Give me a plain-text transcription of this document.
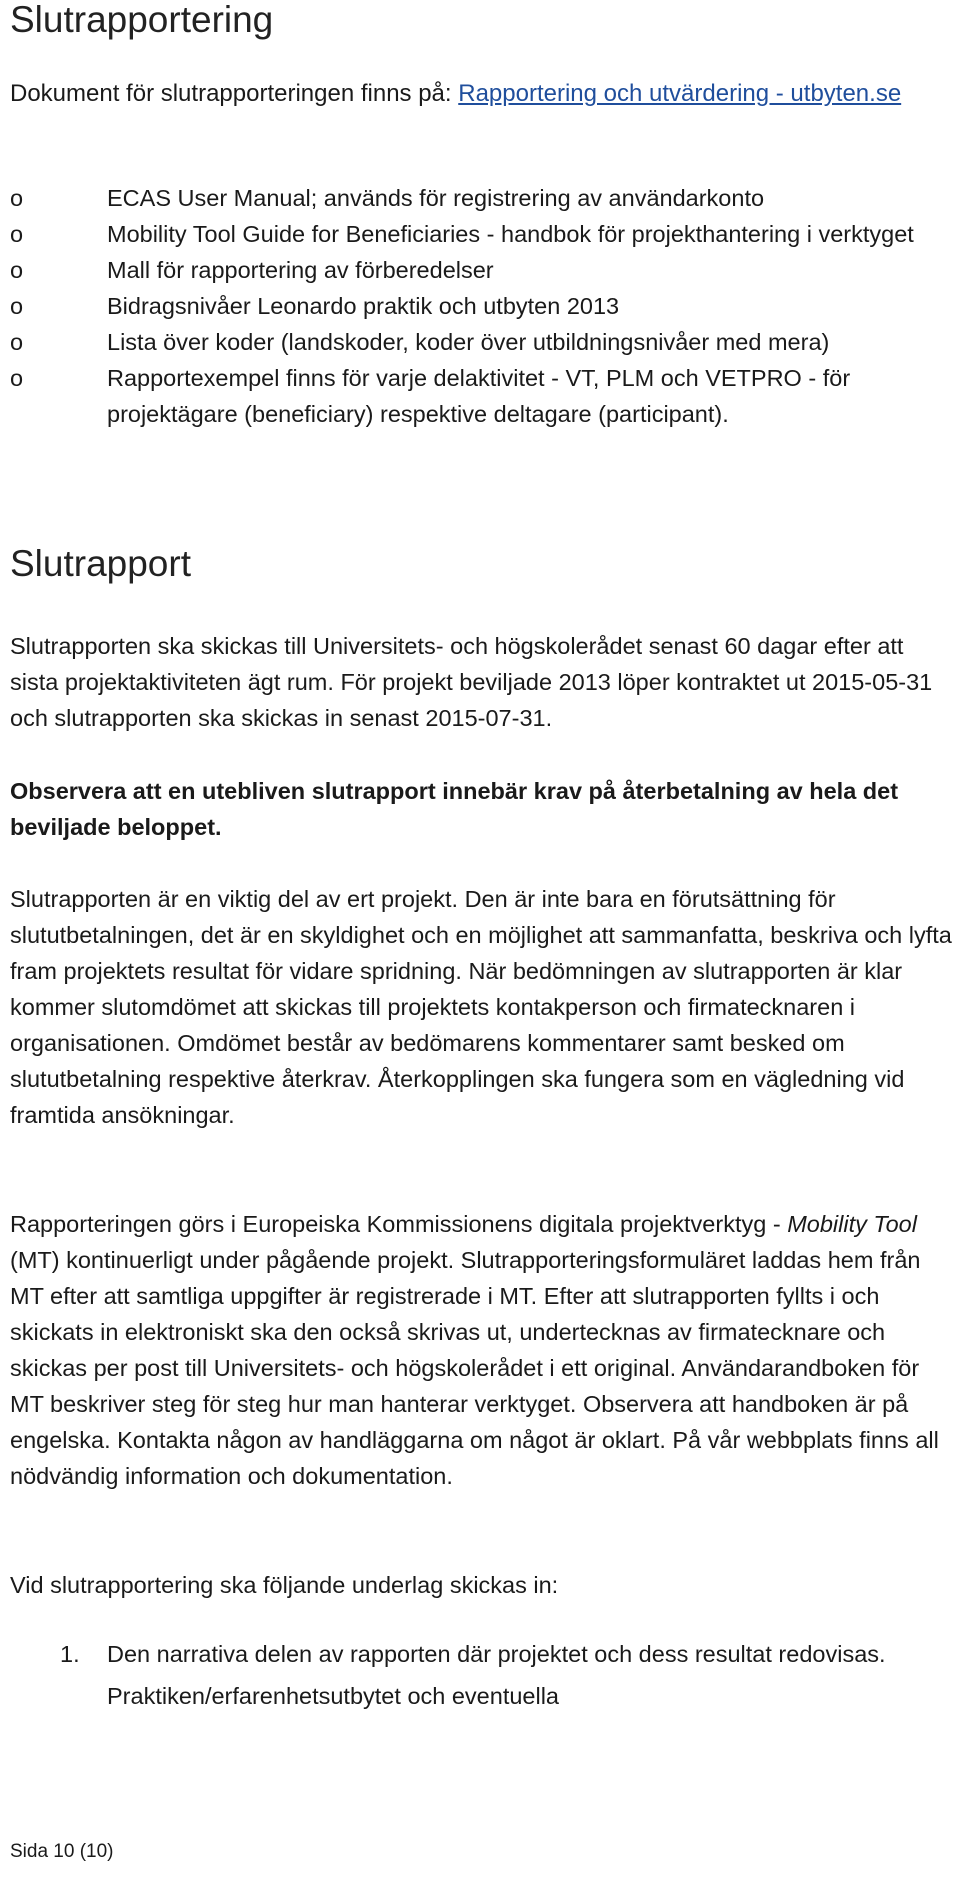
Slutrapportering
Dokument för slutrapporteringen finns på: Rapportering och utvärdering - utbyten.se
o	ECAS User Manual; används för registrering av användarkonto
o	Mobility Tool Guide for Beneficiaries - handbok för projekthantering i verktyget
o	Mall för rapportering av förberedelser
o	Bidragsnivåer Leonardo praktik och utbyten 2013
o	Lista över koder (landskoder, koder över utbildningsnivåer med mera)
o	Rapportexempel finns för varje delaktivitet - VT, PLM och VETPRO - för projektägare (beneficiary) respektive deltagare (participant).
Slutrapport

Slutrapporten ska skickas till Universitets- och högskolerådet senast 60 dagar efter att sista projektaktiviteten ägt rum. För projekt beviljade 2013 löper kontraktet ut 2015-05-31 och slutrapporten ska skickas in senast 2015-07-31.

Observera att en utebliven slutrapport innebär krav på återbetalning av hela det beviljade beloppet.

Slutrapporten är en viktig del av ert projekt. Den är inte bara en förutsättning för slututbetalningen, det är en skyldighet och en möjlighet att sammanfatta, beskriva och lyfta fram projektets resultat för vidare spridning. När bedömningen av slutrapporten är klar kommer slutomdömet att skickas till projektets kontakperson och firmatecknaren i organisationen. Omdömet består av bedömarens kommentarer samt besked om slututbetalning respektive återkrav. Återkopplingen ska fungera som en vägledning vid framtida ansökningar.

Rapporteringen görs i Europeiska Kommissionens digitala projektverktyg - Mobility Tool (MT) kontinuerligt under pågående projekt. Slutrapporteringsformuläret laddas hem från MT efter att samtliga uppgifter är registrerade i MT. Efter att slutrapporten fyllts i och skickats in elektroniskt ska den också skrivas ut, undertecknas av firmatecknare och skickas per post till Universitets- och högskolerådet i ett original. Användarandboken för MT beskriver steg för steg hur man hanterar verktyget. Observera att handboken är på engelska. Kontakta någon av handläggarna om något är oklart. På vår webbplats finns all nödvändig information och dokumentation.

Vid slutrapportering ska följande underlag skickas in:

1. Den narrativa delen av rapporten där projektet och dess resultat redovisas. Praktiken/erfarenhetsutbytet och eventuella
Sida 10 (10)
